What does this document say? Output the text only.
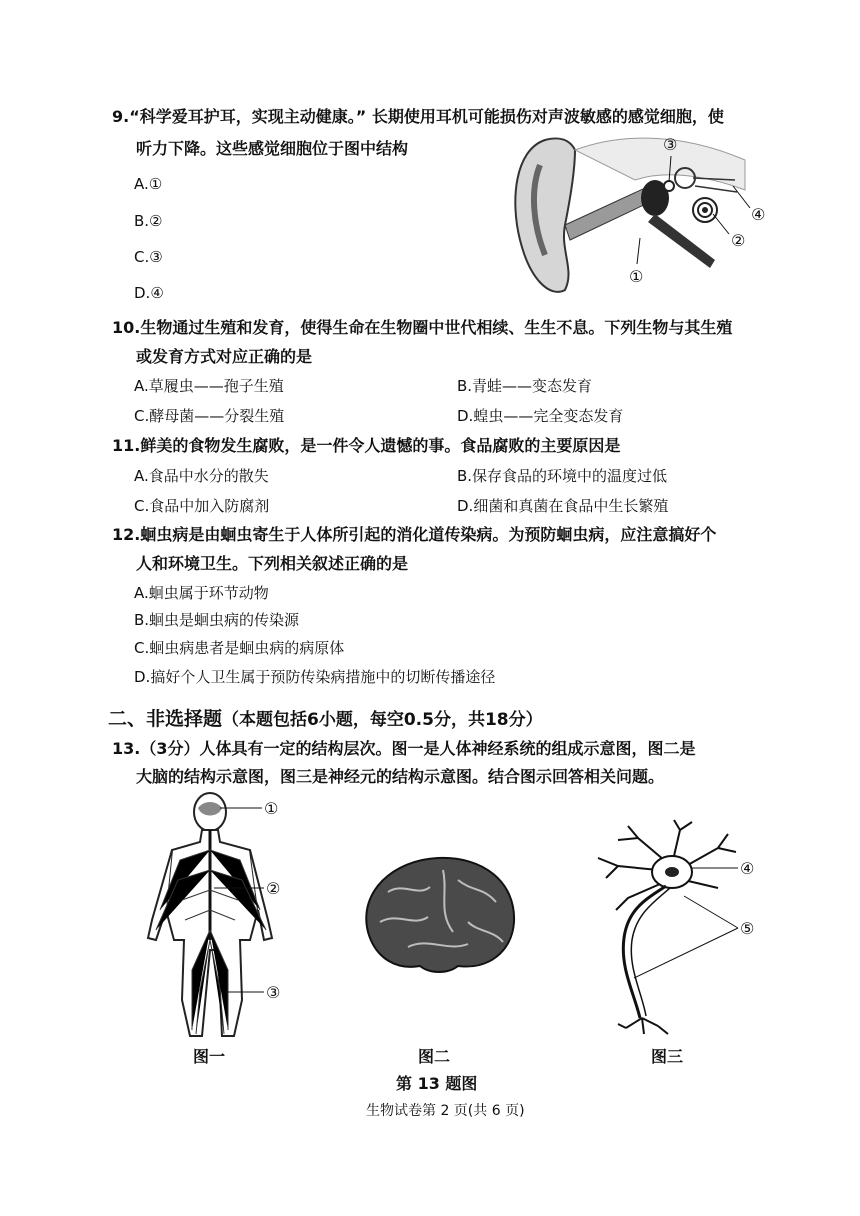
9.“科学爱耳护耳，实现主动健康。” 长期使用耳机可能损伤对声波敏感的感觉细胞，使
听力下降。这些感觉细胞位于图中结构
A.①
B.②
C.③
D.④
③
④
②
①
10.生物通过生殖和发育，使得生命在生物圈中世代相续、生生不息。下列生物与其生殖
或发育方式对应正确的是
A.草履虫——孢子生殖	B.青蛙——变态发育
C.酵母菌——分裂生殖	D.蝗虫——完全变态发育
11.鲜美的食物发生腐败，是一件令人遗憾的事。食品腐败的主要原因是
A.食品中水分的散失	B.保存食品的环境中的温度过低
C.食品中加入防腐剂	D.细菌和真菌在食品中生长繁殖
12.蛔虫病是由蛔虫寄生于人体所引起的消化道传染病。为预防蛔虫病，应注意搞好个
人和环境卫生。下列相关叙述正确的是
A.蛔虫属于环节动物
B.蛔虫是蛔虫病的传染源
C.蛔虫病患者是蛔虫病的病原体
D.搞好个人卫生属于预防传染病措施中的切断传播途径
二、非选择题（本题包括6小题，每空0.5分，共18分）
13.（3分）人体具有一定的结构层次。图一是人体神经系统的组成示意图，图二是
大脑的结构示意图，图三是神经元的结构示意图。结合图示回答相关问题。
①
②
③
④
⑤
图一	图二	图三
第 13 题图
生物试卷第 2 页(共 6 页)
